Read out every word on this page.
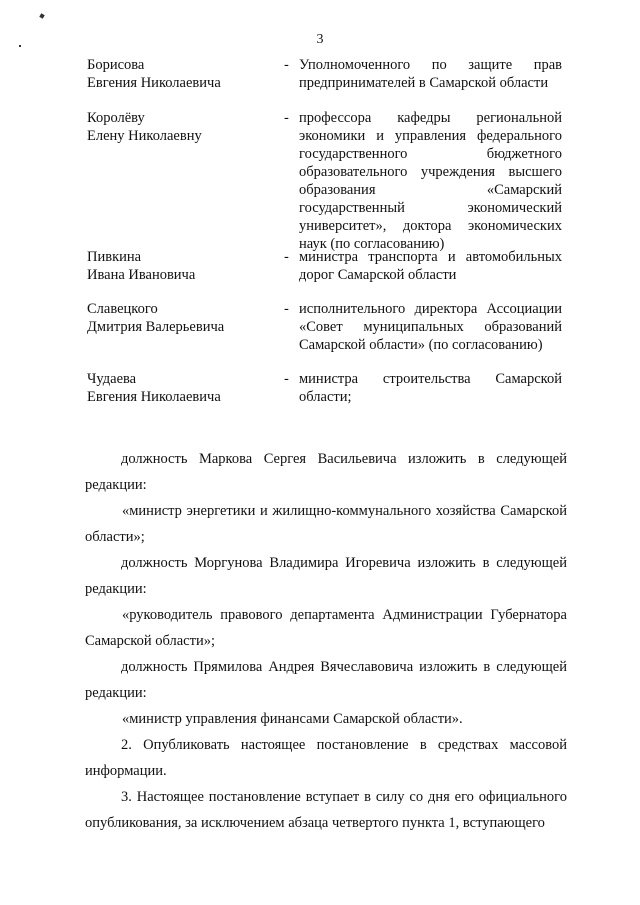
3
Борисова
Евгения Николаевича
- Уполномоченного по защите прав предпринимателей в Самарской области
Королёву
Елену Николаевну
- профессора кафедры региональной экономики и управления федерального государственного бюджетного образовательного учреждения высшего образования «Самарский государственный экономический университет», доктора экономических наук (по согласованию)
Пивкина
Ивана Ивановича
- министра транспорта и автомобильных дорог Самарской области
Славецкого
Дмитрия Валерьевича
- исполнительного директора Ассоциации «Совет муниципальных образований Самарской области» (по согласованию)
Чудаева
Евгения Николаевича
- министра строительства Самарской области;

должность Маркова Сергея Васильевича изложить в следующей редакции:

«министр энергетики и жилищно-коммунального хозяйства Самарской области»;

должность Моргунова Владимира Игоревича изложить в следующей редакции:

«руководитель правового департамента Администрации Губернатора Самарской области»;

должность Прямилова Андрея Вячеславовича изложить в следующей редакции:

«министр управления финансами Самарской области».

2. Опубликовать настоящее постановление в средствах массовой информации.

3. Настоящее постановление вступает в силу со дня его официального опубликования, за исключением абзаца четвертого пункта 1, вступающего
